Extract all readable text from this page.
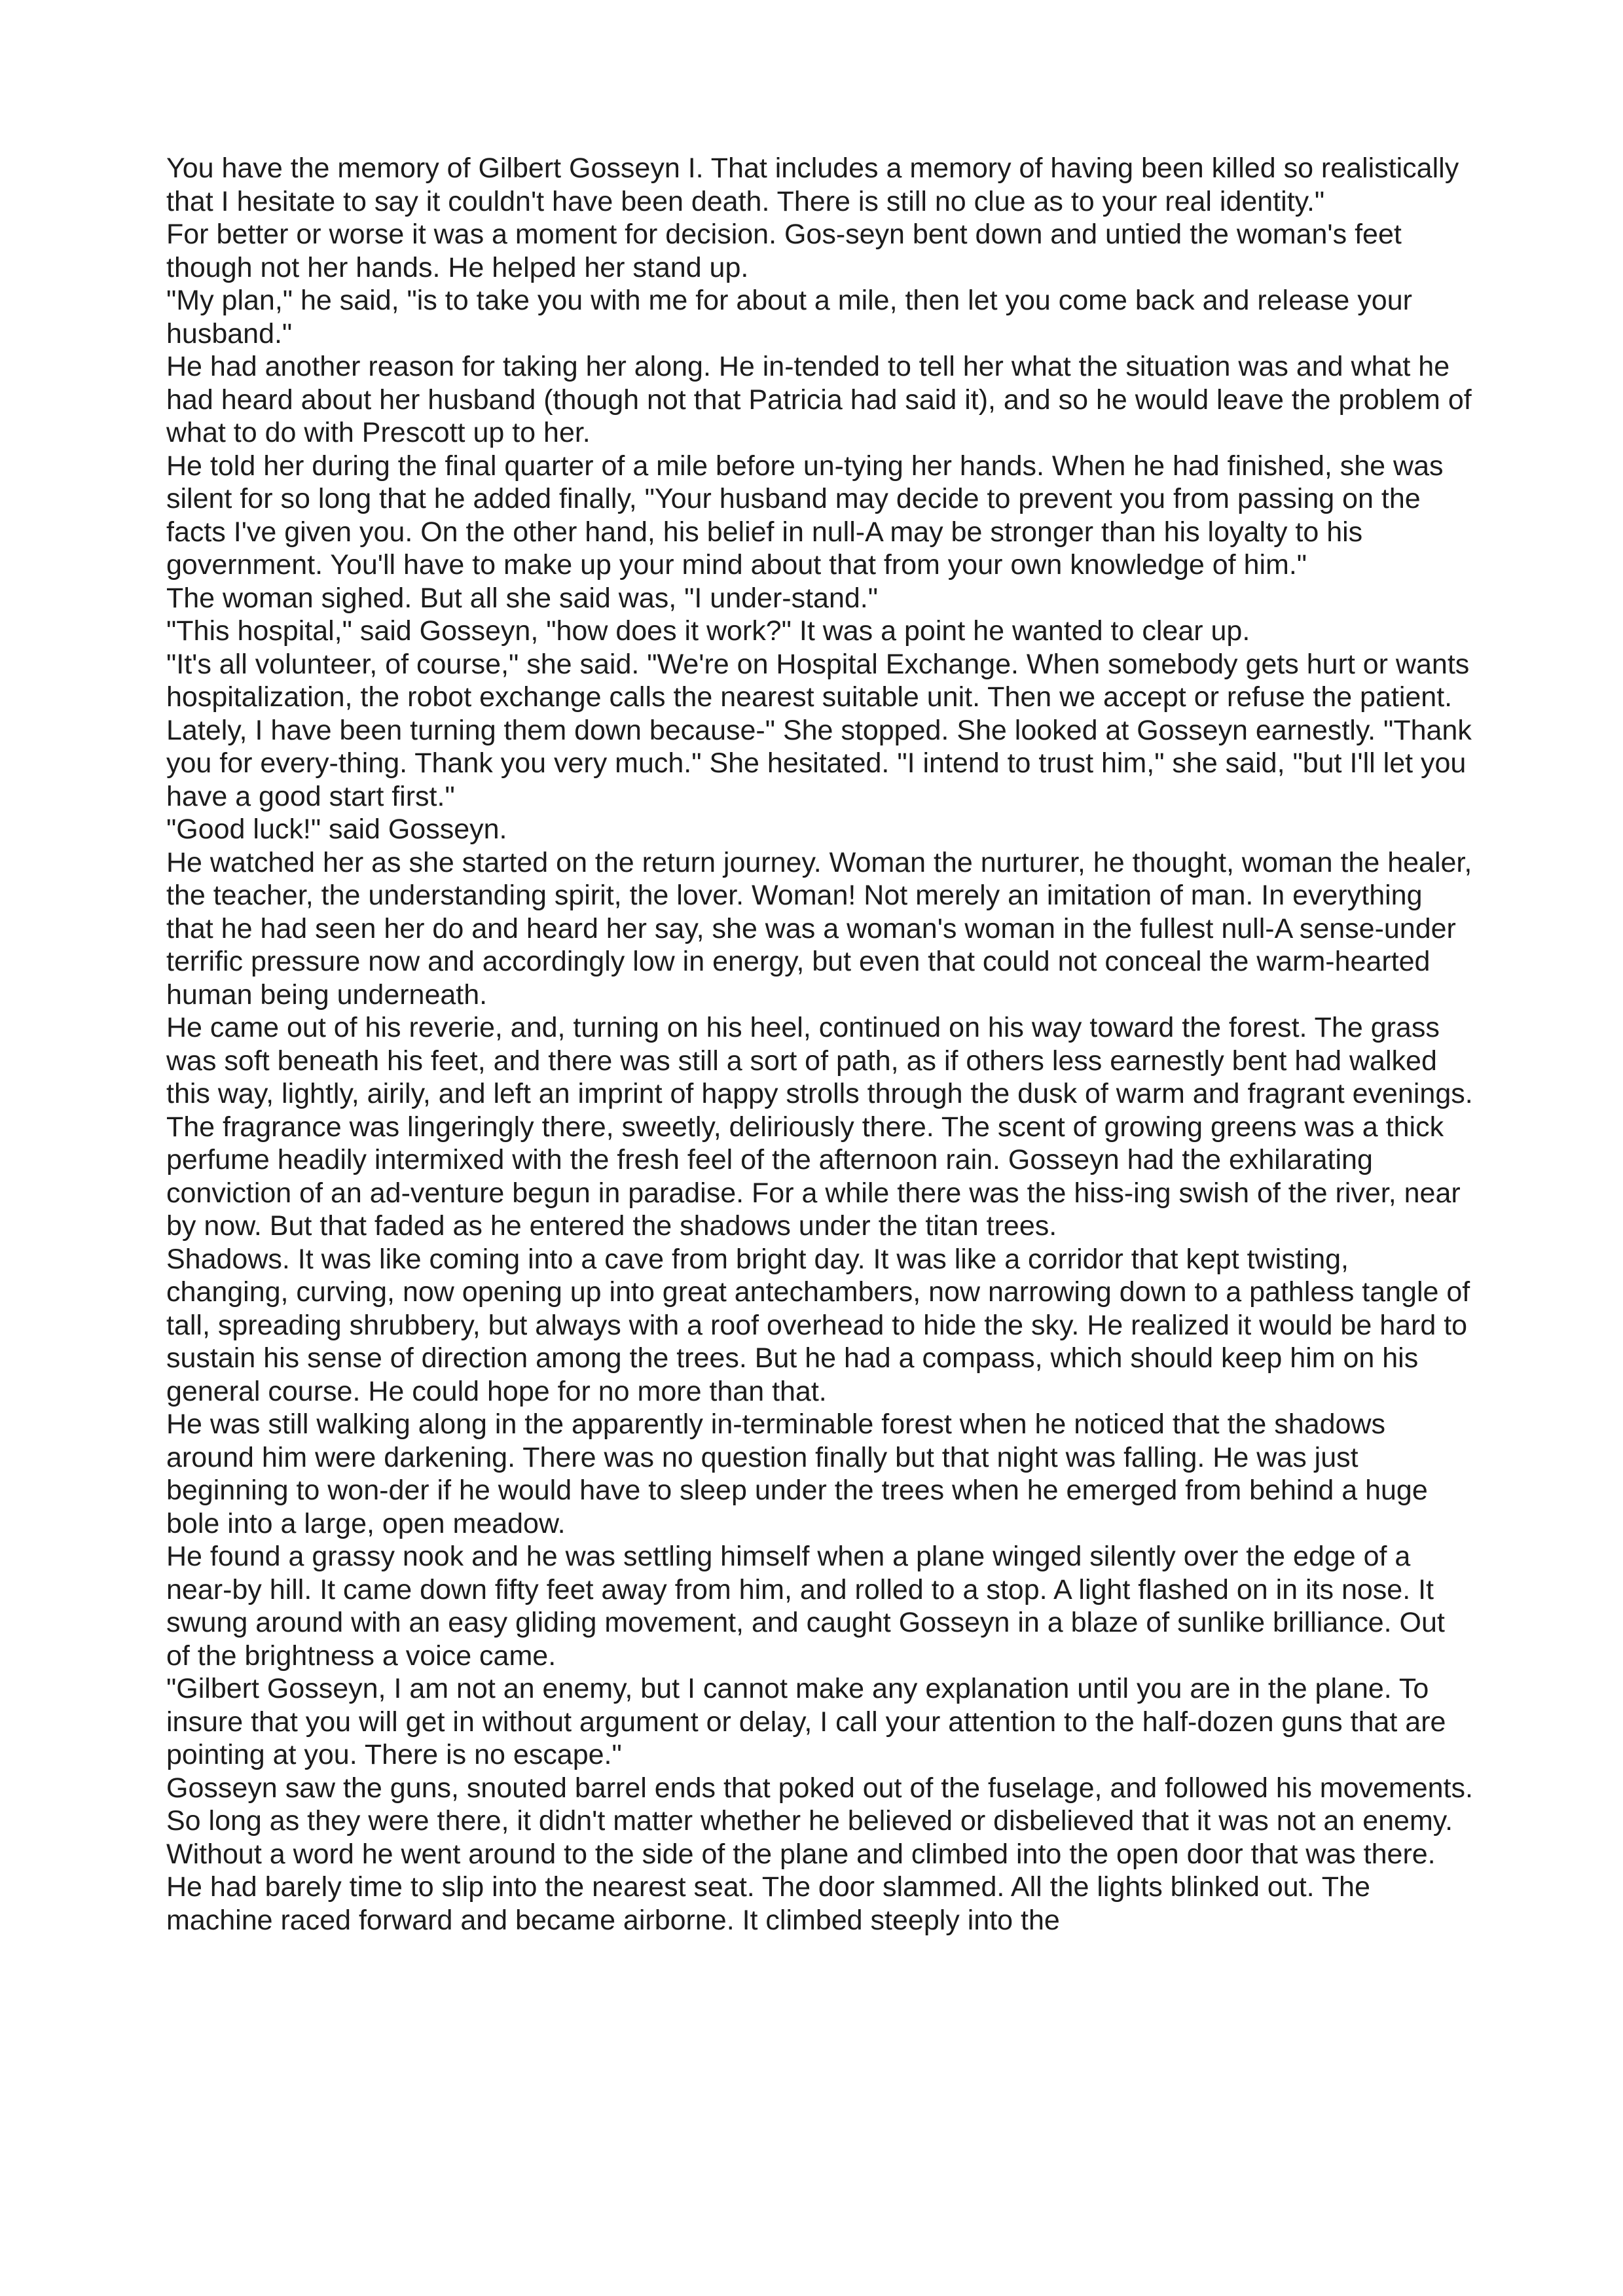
You have the memory of Gilbert Gosseyn I. That includes a memory of having been killed so realistically that I hesitate to say it couldn't have been death. There is still no clue as to your real identity."

For better or worse it was a moment for decision. Gos-seyn bent down and untied the woman's feet though not her hands. He helped her stand up.

"My plan," he said, "is to take you with me for about a mile, then let you come back and release your husband."

He had another reason for taking her along. He in-tended to tell her what the situation was and what he had heard about her husband (though not that Patricia had said it), and so he would leave the problem of what to do with Prescott up to her.

He told her during the final quarter of a mile before un-tying her hands. When he had finished, she was silent for so long that he added finally, "Your husband may decide to prevent you from passing on the facts I've given you. On the other hand, his belief in null-A may be stronger than his loyalty to his government. You'll have to make up your mind about that from your own knowledge of him."

The woman sighed. But all she said was, "I under-stand."

"This hospital," said Gosseyn, "how does it work?" It was a point he wanted to clear up.

"It's all volunteer, of course," she said. "We're on Hospital Exchange. When somebody gets hurt or wants hospitalization, the robot exchange calls the nearest suitable unit. Then we accept or refuse the patient. Lately, I have been turning them down because-" She stopped. She looked at Gosseyn earnestly. "Thank you for every-thing. Thank you very much." She hesitated. "I intend to trust him," she said, "but I'll let you have a good start first."

"Good luck!" said Gosseyn.

He watched her as she started on the return journey. Woman the nurturer, he thought, woman the healer, the teacher, the understanding spirit, the lover. Woman! Not merely an imitation of man. In everything that he had seen her do and heard her say, she was a woman's woman in the fullest null-A sense-under terrific pressure now and accordingly low in energy, but even that could not conceal the warm-hearted human being underneath.

He came out of his reverie, and, turning on his heel, continued on his way toward the forest. The grass was soft beneath his feet, and there was still a sort of path, as if others less earnestly bent had walked this way, lightly, airily, and left an imprint of happy strolls through the dusk of warm and fragrant evenings.

The fragrance was lingeringly there, sweetly, deliriously there. The scent of growing greens was a thick perfume headily intermixed with the fresh feel of the afternoon rain. Gosseyn had the exhilarating conviction of an ad-venture begun in paradise. For a while there was the hiss-ing swish of the river, near by now. But that faded as he entered the shadows under the titan trees.

Shadows. It was like coming into a cave from bright day. It was like a corridor that kept twisting, changing, curving, now opening up into great antechambers, now narrowing down to a pathless tangle of tall, spreading shrubbery, but always with a roof overhead to hide the sky. He realized it would be hard to sustain his sense of direction among the trees. But he had a compass, which should keep him on his general course. He could hope for no more than that.

He was still walking along in the apparently in-terminable forest when he noticed that the shadows around him were darkening. There was no question finally but that night was falling. He was just beginning to won-der if he would have to sleep under the trees when he emerged from behind a huge bole into a large, open meadow.

He found a grassy nook and he was settling himself when a plane winged silently over the edge of a near-by hill. It came down fifty feet away from him, and rolled to a stop. A light flashed on in its nose. It swung around with an easy gliding movement, and caught Gosseyn in a blaze of sunlike brilliance. Out of the brightness a voice came.

"Gilbert Gosseyn, I am not an enemy, but I cannot make any explanation until you are in the plane. To insure that you will get in without argument or delay, I call your attention to the half-dozen guns that are pointing at you. There is no escape."

Gosseyn saw the guns, snouted barrel ends that poked out of the fuselage, and followed his movements. So long as they were there, it didn't matter whether he believed or disbelieved that it was not an enemy. Without a word he went around to the side of the plane and climbed into the open door that was there. He had barely time to slip into the nearest seat. The door slammed. All the lights blinked out. The machine raced forward and became airborne. It climbed steeply into the
